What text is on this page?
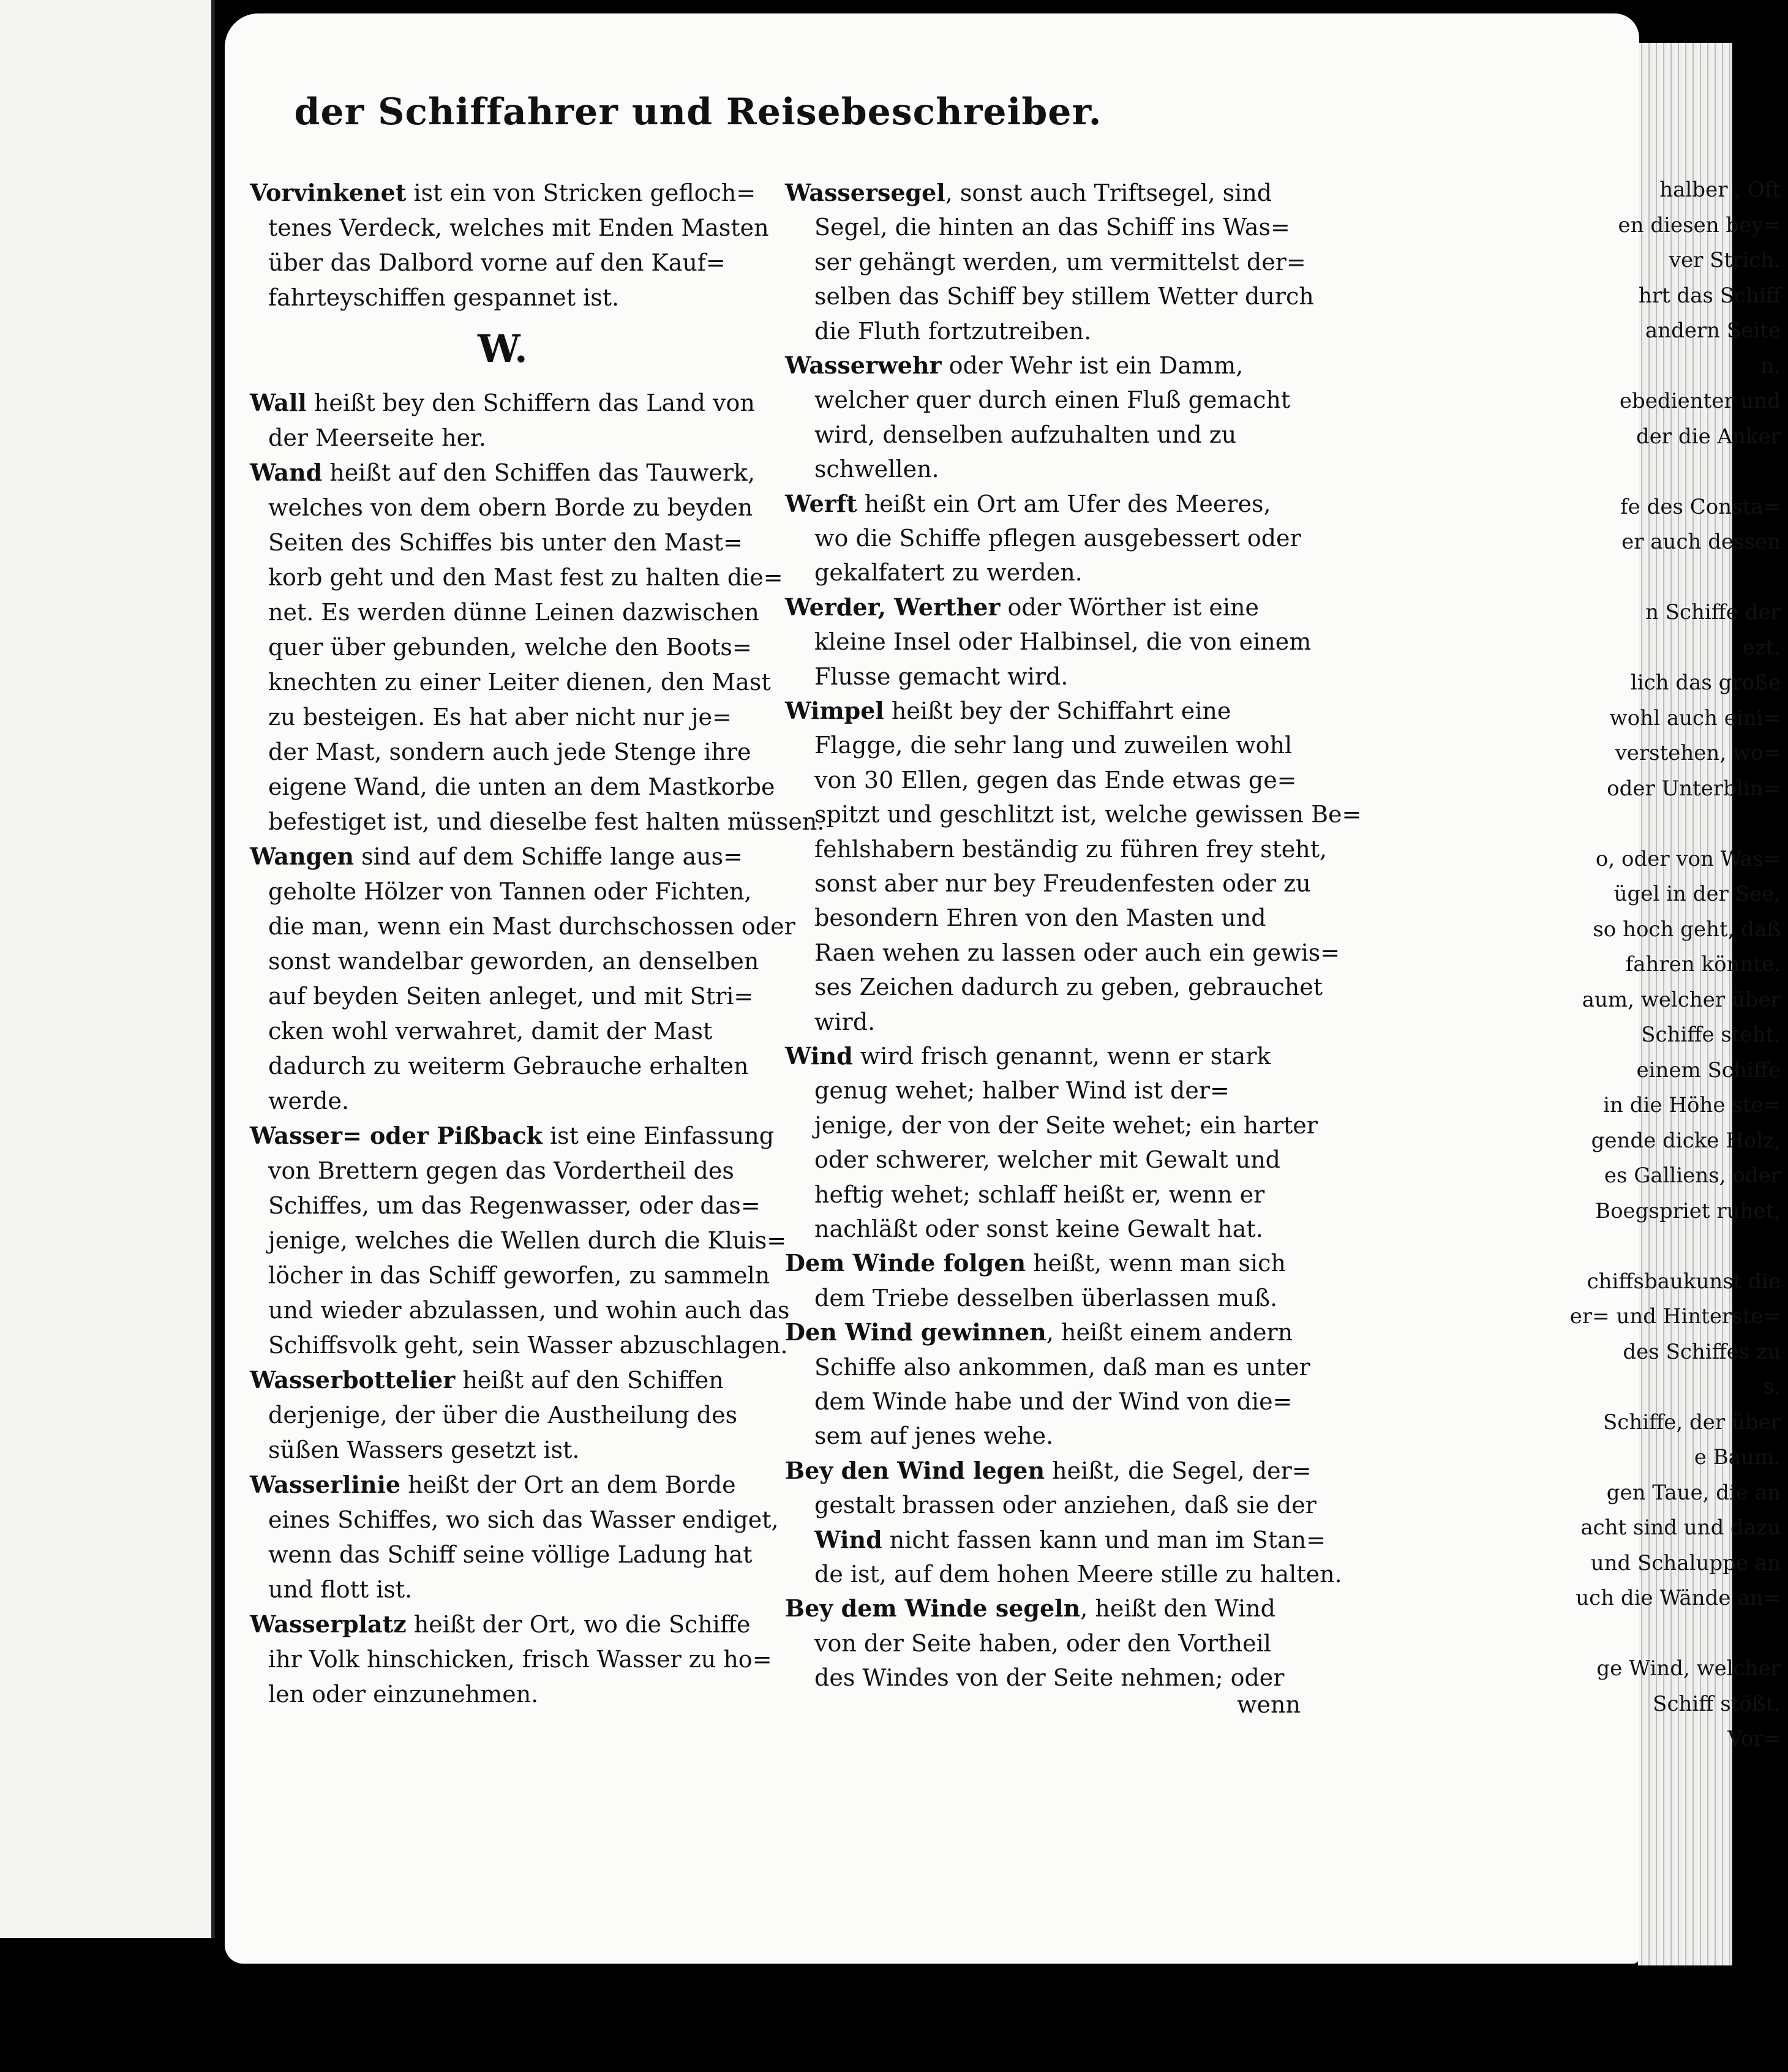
der Schiffahrer und Reisebeschreiber.
W.
halber , Oft
en diesen bey=
ver Strich.
hrt das Schiff
andern Seite
n.
ebedienter und
der die Anker
fe des Consta=
er auch dessen
n Schiffe der
ezt.
lich das große
wohl auch eini=
verstehen, wo=
oder Unterblin=
o, oder von Was=
ügel in der See,
so hoch geht, daß
fahren könnte.
aum, welcher über
Schiffe steht.
einem Schiffe
in die Höhe ste=
gende dicke Holz,
es Galliens, oder
Boegspriet ruhet,
chiffsbaukunst die
er= und Hinterste=
des Schiffes zu
s.
Schiffe, der über
e Baum.
gen Taue, die an
acht sind und dazu
und Schaluppe an
uch die Wände an=
ge Wind, welcher
Schiff stößt.
Vor=
Vorvinkenet ist ein von Stricken gefloch=
tenes Verdeck, welches mit Enden Masten
über das Dalbord vorne auf den Kauf=
fahrteyschiffen gespannet ist.
Wall heißt bey den Schiffern das Land von
der Meerseite her.
Wand heißt auf den Schiffen das Tauwerk,
welches von dem obern Borde zu beyden
Seiten des Schiffes bis unter den Mast=
korb geht und den Mast fest zu halten die=
net. Es werden dünne Leinen dazwischen
quer über gebunden, welche den Boots=
knechten zu einer Leiter dienen, den Mast
zu besteigen. Es hat aber nicht nur je=
der Mast, sondern auch jede Stenge ihre
eigene Wand, die unten an dem Mastkorbe
befestiget ist, und dieselbe fest halten müssen.
Wangen sind auf dem Schiffe lange aus=
geholte Hölzer von Tannen oder Fichten,
die man, wenn ein Mast durchschossen oder
sonst wandelbar geworden, an denselben
auf beyden Seiten anleget, und mit Stri=
cken wohl verwahret, damit der Mast
dadurch zu weiterm Gebrauche erhalten
werde.
Wasser= oder Pißback ist eine Einfassung
von Brettern gegen das Vordertheil des
Schiffes, um das Regenwasser, oder das=
jenige, welches die Wellen durch die Kluis=
löcher in das Schiff geworfen, zu sammeln
und wieder abzulassen, und wohin auch das
Schiffsvolk geht, sein Wasser abzuschlagen.
Wasserbottelier heißt auf den Schiffen
derjenige, der über die Austheilung des
süßen Wassers gesetzt ist.
Wasserlinie heißt der Ort an dem Borde
eines Schiffes, wo sich das Wasser endiget,
wenn das Schiff seine völlige Ladung hat
und flott ist.
Wasserplatz heißt der Ort, wo die Schiffe
ihr Volk hinschicken, frisch Wasser zu ho=
len oder einzunehmen.
Wassersegel, sonst auch Triftsegel, sind
Segel, die hinten an das Schiff ins Was=
ser gehängt werden, um vermittelst der=
selben das Schiff bey stillem Wetter durch
die Fluth fortzutreiben.
Wasserwehr oder Wehr ist ein Damm,
welcher quer durch einen Fluß gemacht
wird, denselben aufzuhalten und zu
schwellen.
Werft heißt ein Ort am Ufer des Meeres,
wo die Schiffe pflegen ausgebessert oder
gekalfatert zu werden.
Werder, Werther oder Wörther ist eine
kleine Insel oder Halbinsel, die von einem
Flusse gemacht wird.
Wimpel heißt bey der Schiffahrt eine
Flagge, die sehr lang und zuweilen wohl
von 30 Ellen, gegen das Ende etwas ge=
spitzt und geschlitzt ist, welche gewissen Be=
fehlshabern beständig zu führen frey steht,
sonst aber nur bey Freudenfesten oder zu
besondern Ehren von den Masten und
Raen wehen zu lassen oder auch ein gewis=
ses Zeichen dadurch zu geben, gebrauchet
wird.
Wind wird frisch genannt, wenn er stark
genug wehet; halber Wind ist der=
jenige, der von der Seite wehet; ein harter
oder schwerer, welcher mit Gewalt und
heftig wehet; schlaff heißt er, wenn er
nachläßt oder sonst keine Gewalt hat.
Dem Winde folgen heißt, wenn man sich
dem Triebe desselben überlassen muß.
Den Wind gewinnen, heißt einem andern
Schiffe also ankommen, daß man es unter
dem Winde habe und der Wind von die=
sem auf jenes wehe.
Bey den Wind legen heißt, die Segel, der=
gestalt brassen oder anziehen, daß sie der
Wind nicht fassen kann und man im Stan=
de ist, auf dem hohen Meere stille zu halten.
Bey dem Winde segeln, heißt den Wind
von der Seite haben, oder den Vortheil
des Windes von der Seite nehmen; oder
wenn
